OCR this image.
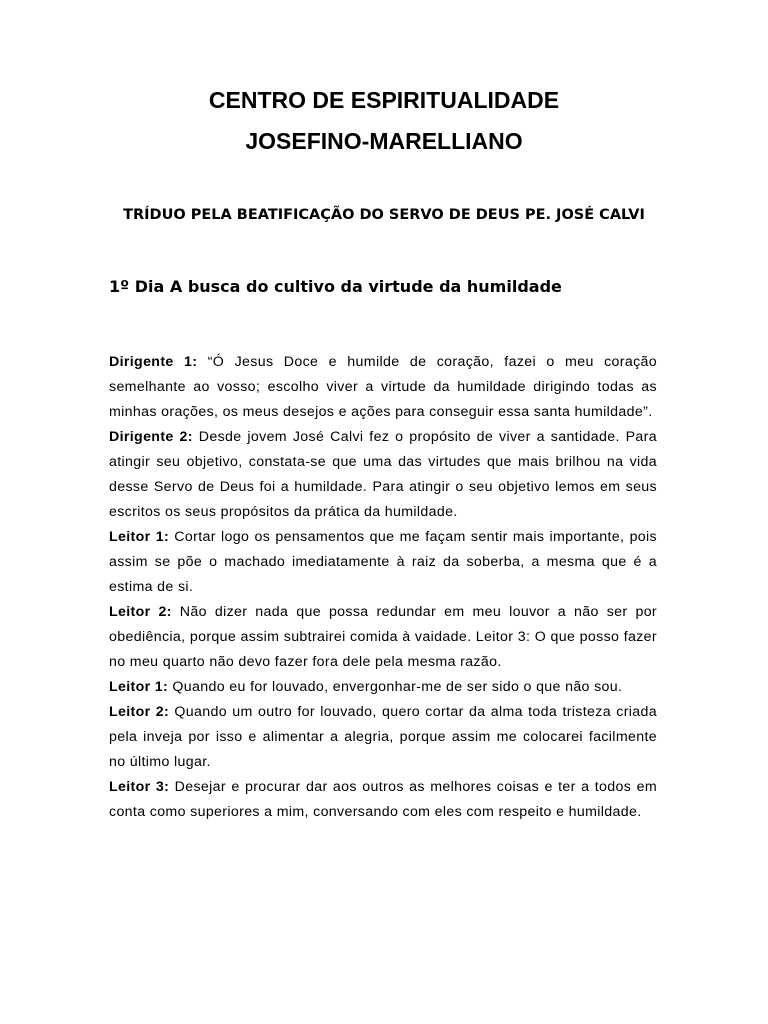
CENTRO DE ESPIRITUALIDADE
JOSEFINO-MARELLIANO
TRÍDUO PELA BEATIFICAÇÃO DO SERVO DE DEUS PE. JOSÉ CALVI
1º Dia A busca do cultivo da virtude da humildade

Dirigente 1: “Ó Jesus Doce e humilde de coração, fazei o meu coração semelhante ao vosso; escolho viver a virtude da humildade dirigindo todas as minhas orações, os meus desejos e ações para conseguir essa santa humildade”.

Dirigente 2: Desde jovem José Calvi fez o propósito de viver a santidade. Para atingir seu objetivo, constata-se que uma das virtudes que mais brilhou na vida desse Servo de Deus foi a humildade. Para atingir o seu objetivo lemos em seus escritos os seus propósitos da prática da humildade.

Leitor 1: Cortar logo os pensamentos que me façam sentir mais importante, pois assim se põe o machado imediatamente à raiz da soberba, a mesma que é a estima de si.

Leitor 2: Não dizer nada que possa redundar em meu louvor a não ser por obediência, porque assim subtrairei comida à vaidade. Leitor 3: O que posso fazer no meu quarto não devo fazer fora dele pela mesma razão.

Leitor 1: Quando eu for louvado, envergonhar-me de ser sido o que não sou.

Leitor 2: Quando um outro for louvado, quero cortar da alma toda tristeza criada pela inveja por isso e alimentar a alegria, porque assim me colocarei facilmente no último lugar.

Leitor 3: Desejar e procurar dar aos outros as melhores coisas e ter a todos em conta como superiores a mim, conversando com eles com respeito e humildade.
